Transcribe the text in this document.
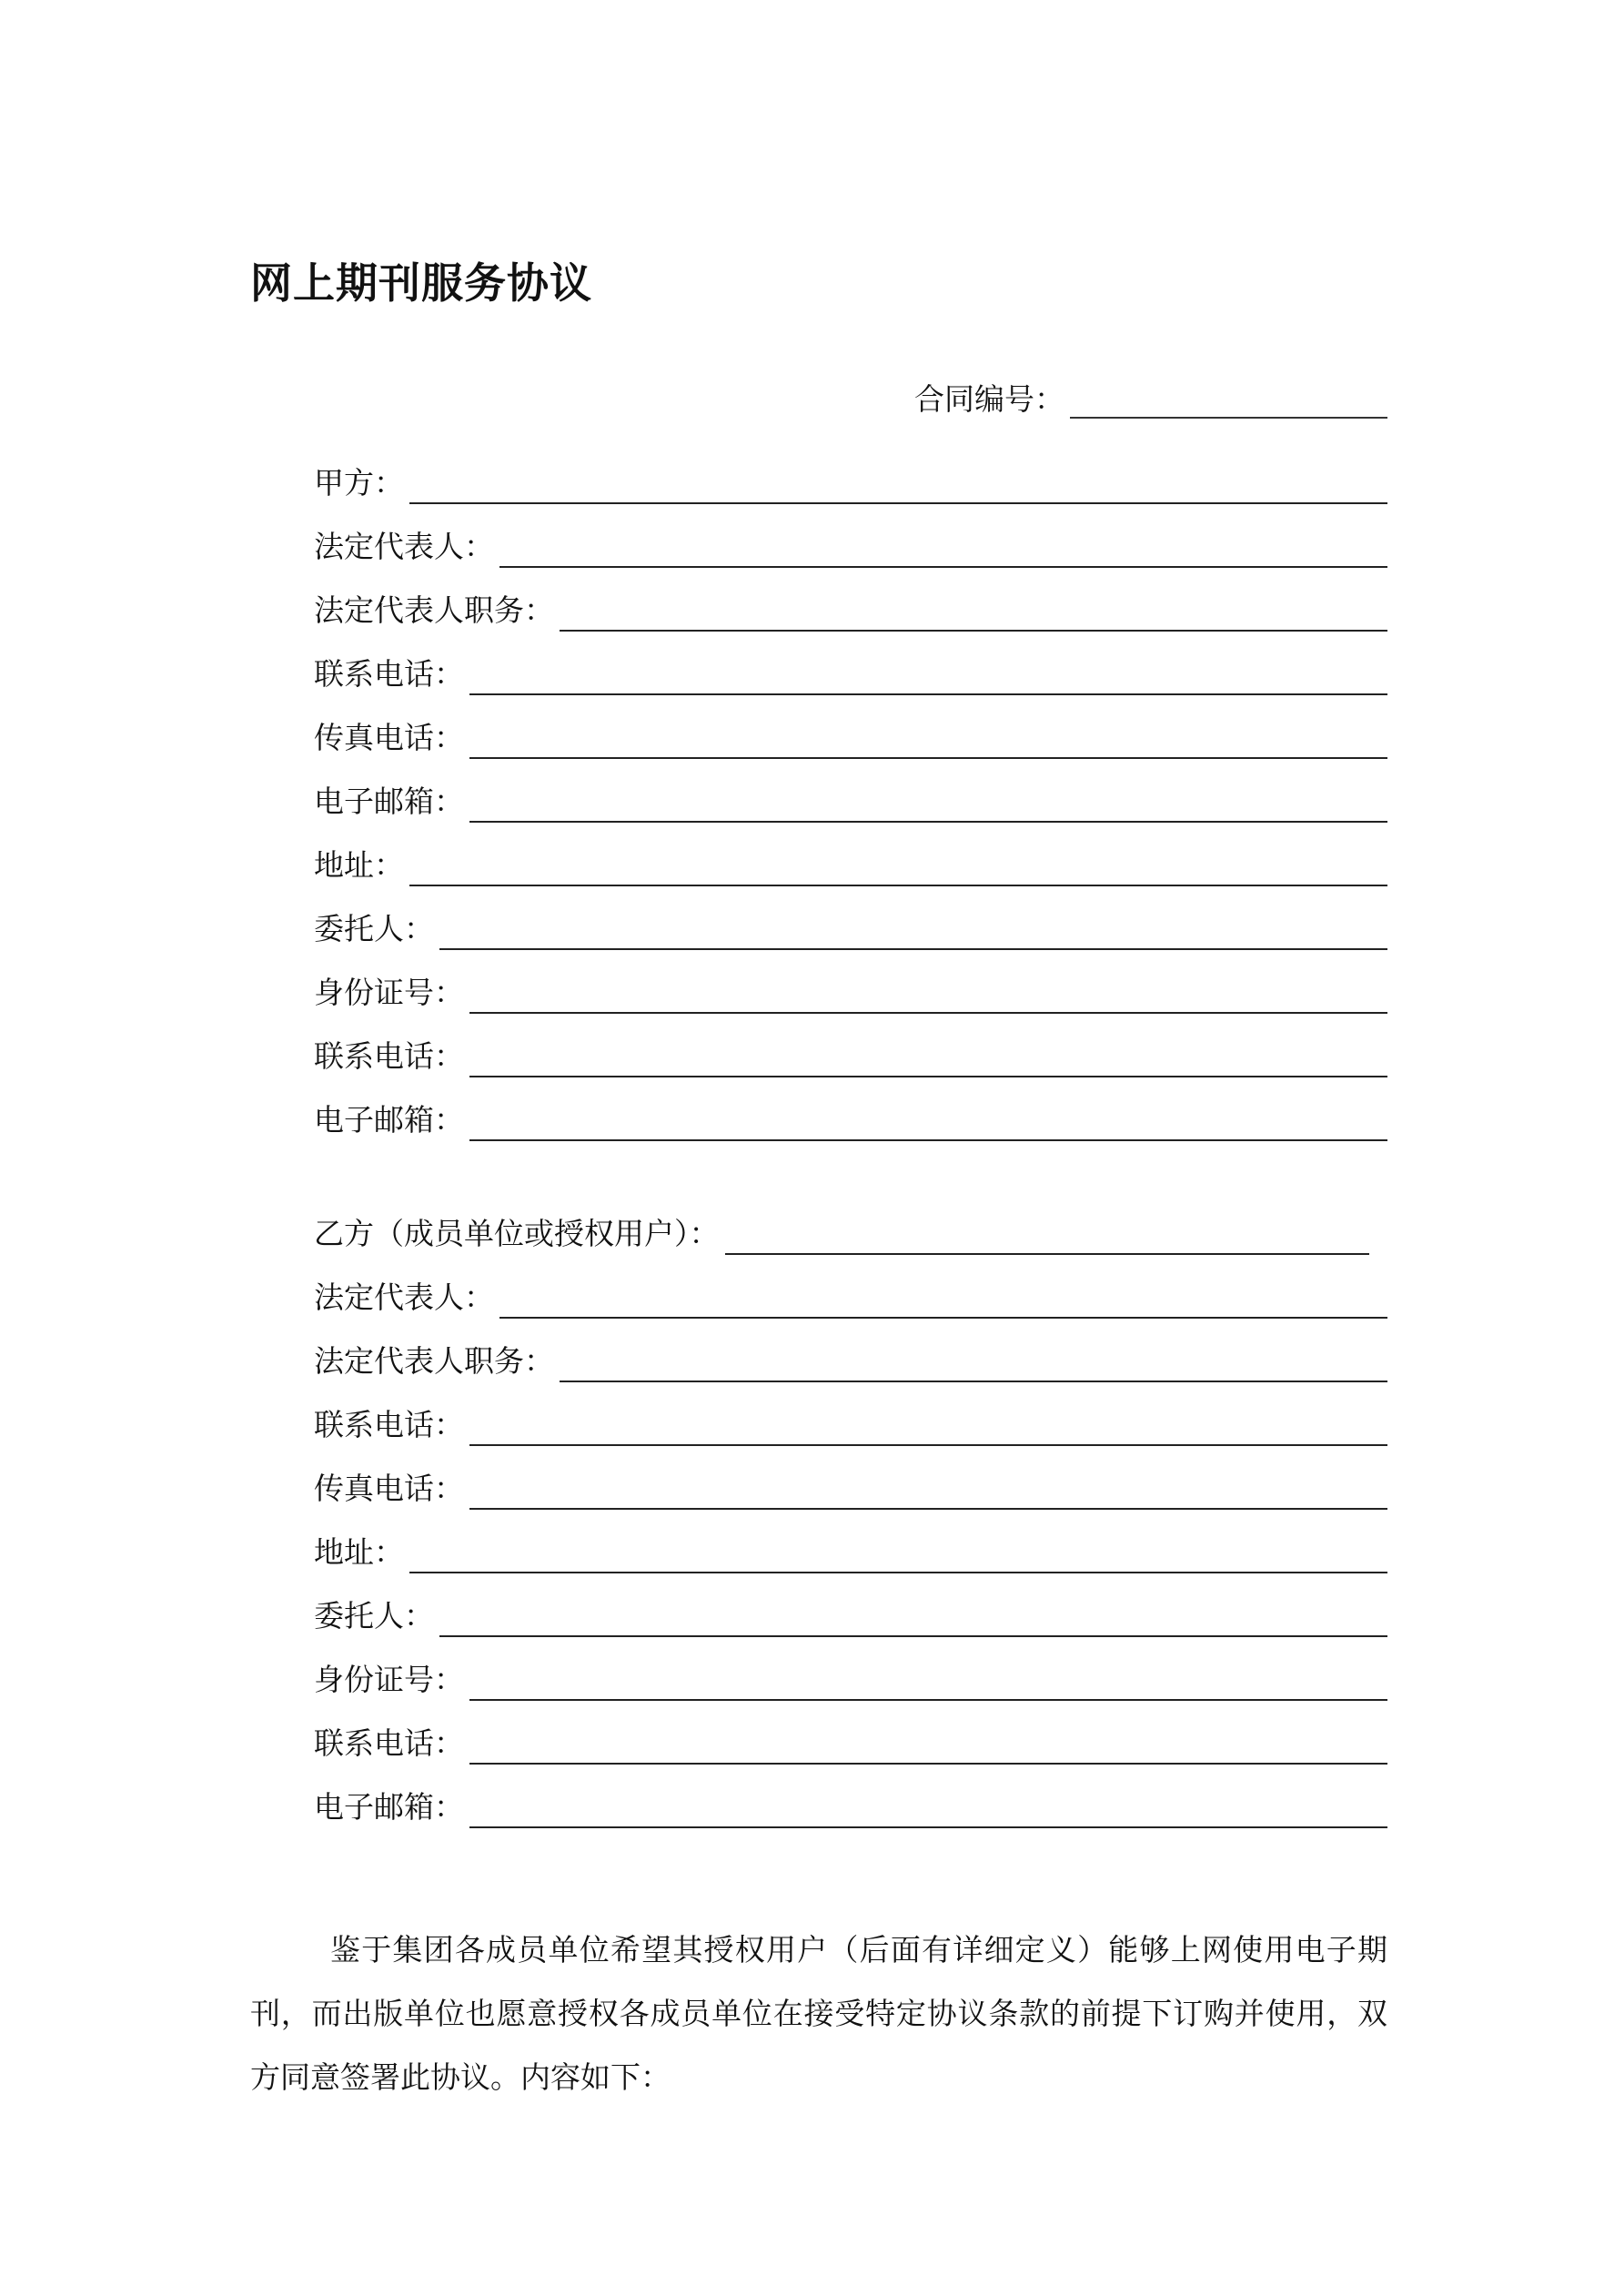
网上期刊服务协议
合同编号：
甲方：
法定代表人：
法定代表人职务：
联系电话：
传真电话：
电子邮箱：
地址：
委托人：
身份证号：
联系电话：
电子邮箱：
乙方（成员单位或授权用户）：
法定代表人：
法定代表人职务：
联系电话：
传真电话：
地址：
委托人：
身份证号：
联系电话：
电子邮箱：

鉴于集团各成员单位希望其授权用户（后面有详细定义）能够上网使用电子期刊，而出版单位也愿意授权各成员单位在接受特定协议条款的前提下订购并使用，双方同意签署此协议。内容如下：
